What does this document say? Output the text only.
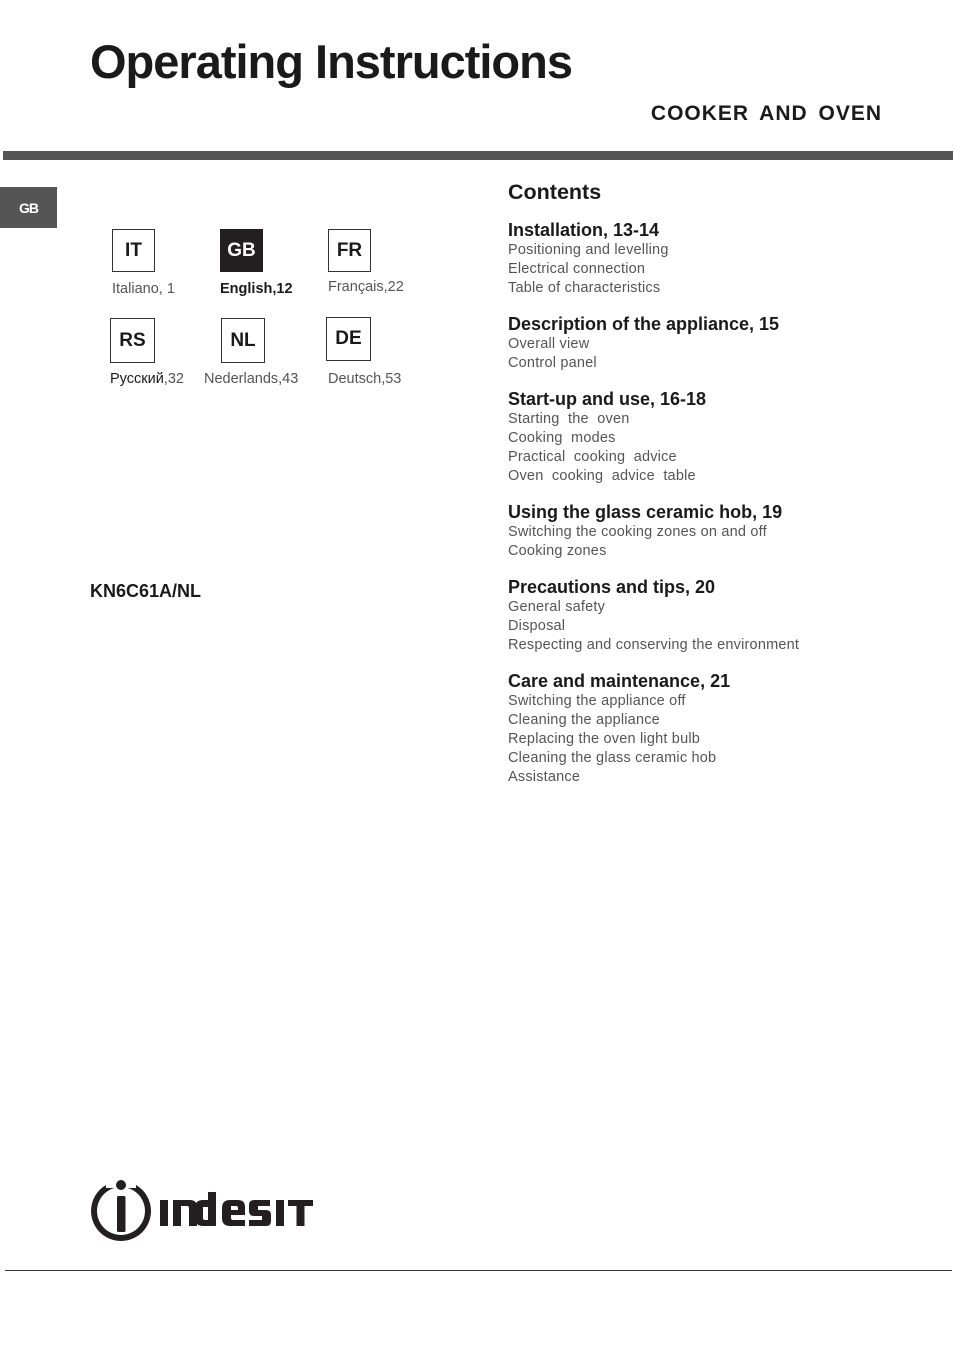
Operating Instructions
COOKER AND OVEN
GB
IT
Italiano, 1
GB
English,12
FR
Français,22
RS
Русский,32
NL
Nederlands,43
DE
Deutsch,53
KN6C61A/NL
Contents
Installation, 13-14
Positioning and levelling
Electrical connection
Table of characteristics
Description of the appliance, 15
Overall view
Control panel
Start-up and use, 16-18
Starting  the  oven
Cooking  modes
Practical  cooking  advice
Oven  cooking  advice  table
Using the glass ceramic hob, 19
Switching the cooking zones on and off
Cooking zones
Precautions and tips, 20
General safety
Disposal
Respecting and conserving the environment
Care and maintenance, 21
Switching the appliance off
Cleaning the appliance
Replacing the oven light bulb
Cleaning the glass ceramic hob
Assistance
